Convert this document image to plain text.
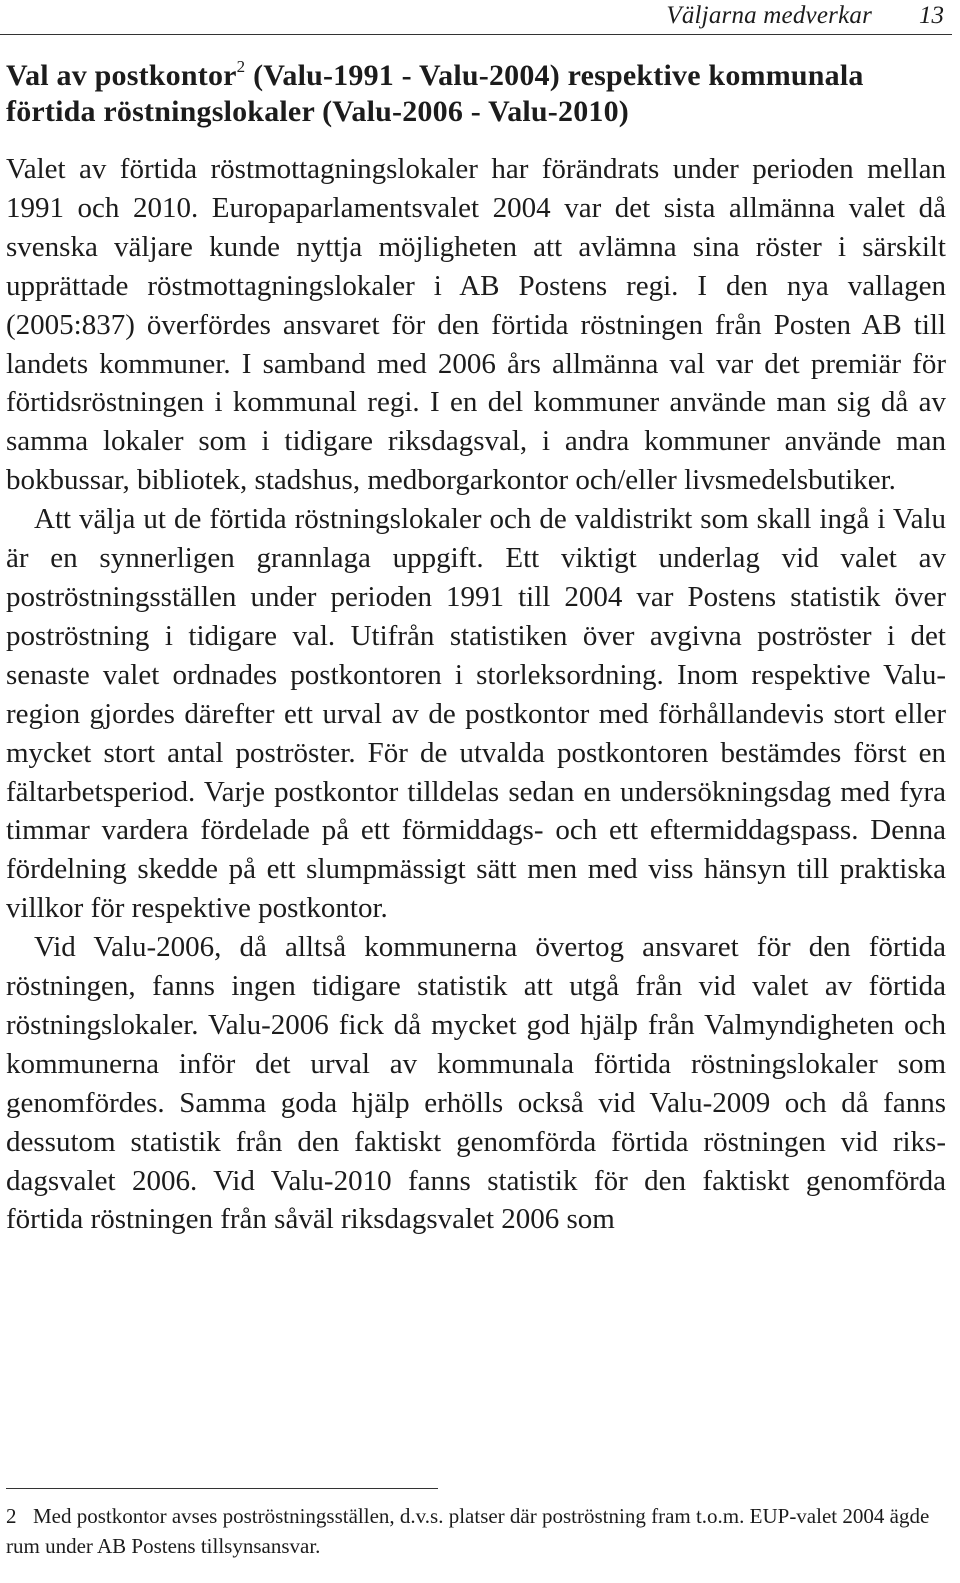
Väljarna medverkar 13
Val av postkontor$^2$ (Valu-1991 - Valu-2004) respektive kommunala förtida röstningslokaler (Valu-2006 - Valu-2010)

Valet av förtida röstmottagningslokaler har förändrats under perioden mellan 1991 och 2010. Europaparlamentsvalet 2004 var det sista allmänna valet då svenska väljare kunde nyttja möjligheten att avlämna sina röster i särskilt upprättade röstmottagningslokaler i AB Postens regi. I den nya vallagen (2005:837) överfördes ansvaret för den förtida röstningen från Posten AB till landets kommuner. I samband med 2006 års allmänna val var det premiär för förtidsröstningen i kommunal regi. I en del kommuner använde man sig då av samma lokaler som i tidigare riksdagsval, i andra kommuner använde man bokbussar, bibliotek, stadshus, medborgarkontor och/eller livsmedelsbutiker.

Att välja ut de förtida röstningslokaler och de valdistrikt som skall ingå i Valu är en synnerligen grannlaga uppgift. Ett viktigt underlag vid valet av poströstningsställen under perioden 1991 till 2004 var Postens statistik över poströstning i tidigare val. Utifrån statistiken över avgivna poströster i det senaste valet ordnades postkontoren i storleksordning. Inom respektive Valu-region gjordes därefter ett urval av de postkontor med förhållandevis stort eller mycket stort antal poströster. För de utvalda postkontoren bestämdes först en fältarbetsperiod. Varje postkontor tilldelas sedan en undersökningsdag med fyra timmar vardera fördelade på ett förmiddags- och ett eftermiddagspass. Denna fördelning skedde på ett slumpmässigt sätt men med viss hänsyn till praktiska villkor för respektive postkontor.

Vid Valu-2006, då alltså kommunerna övertog ansvaret för den förtida röstningen, fanns ingen tidigare statistik att utgå från vid valet av förtida röstningslokaler. Valu-2006 fick då mycket god hjälp från Valmyndigheten och kommunerna inför det urval av kommunala förtida röstningslokaler som genomfördes. Samma goda hjälp erhölls också vid Valu-2009 och då fanns dessutom statistik från den faktiskt genomförda förtida röstningen vid riksdagsvalet 2006. Vid Valu-2010 fanns statistik för den faktiskt genomförda förtida röstningen från såväl riksdagsvalet 2006 som

2 Med postkontor avses poströstningsställen, d.v.s. platser där poströstning fram t.o.m. EUP-valet 2004 ägde rum under AB Postens tillsynsansvar.
